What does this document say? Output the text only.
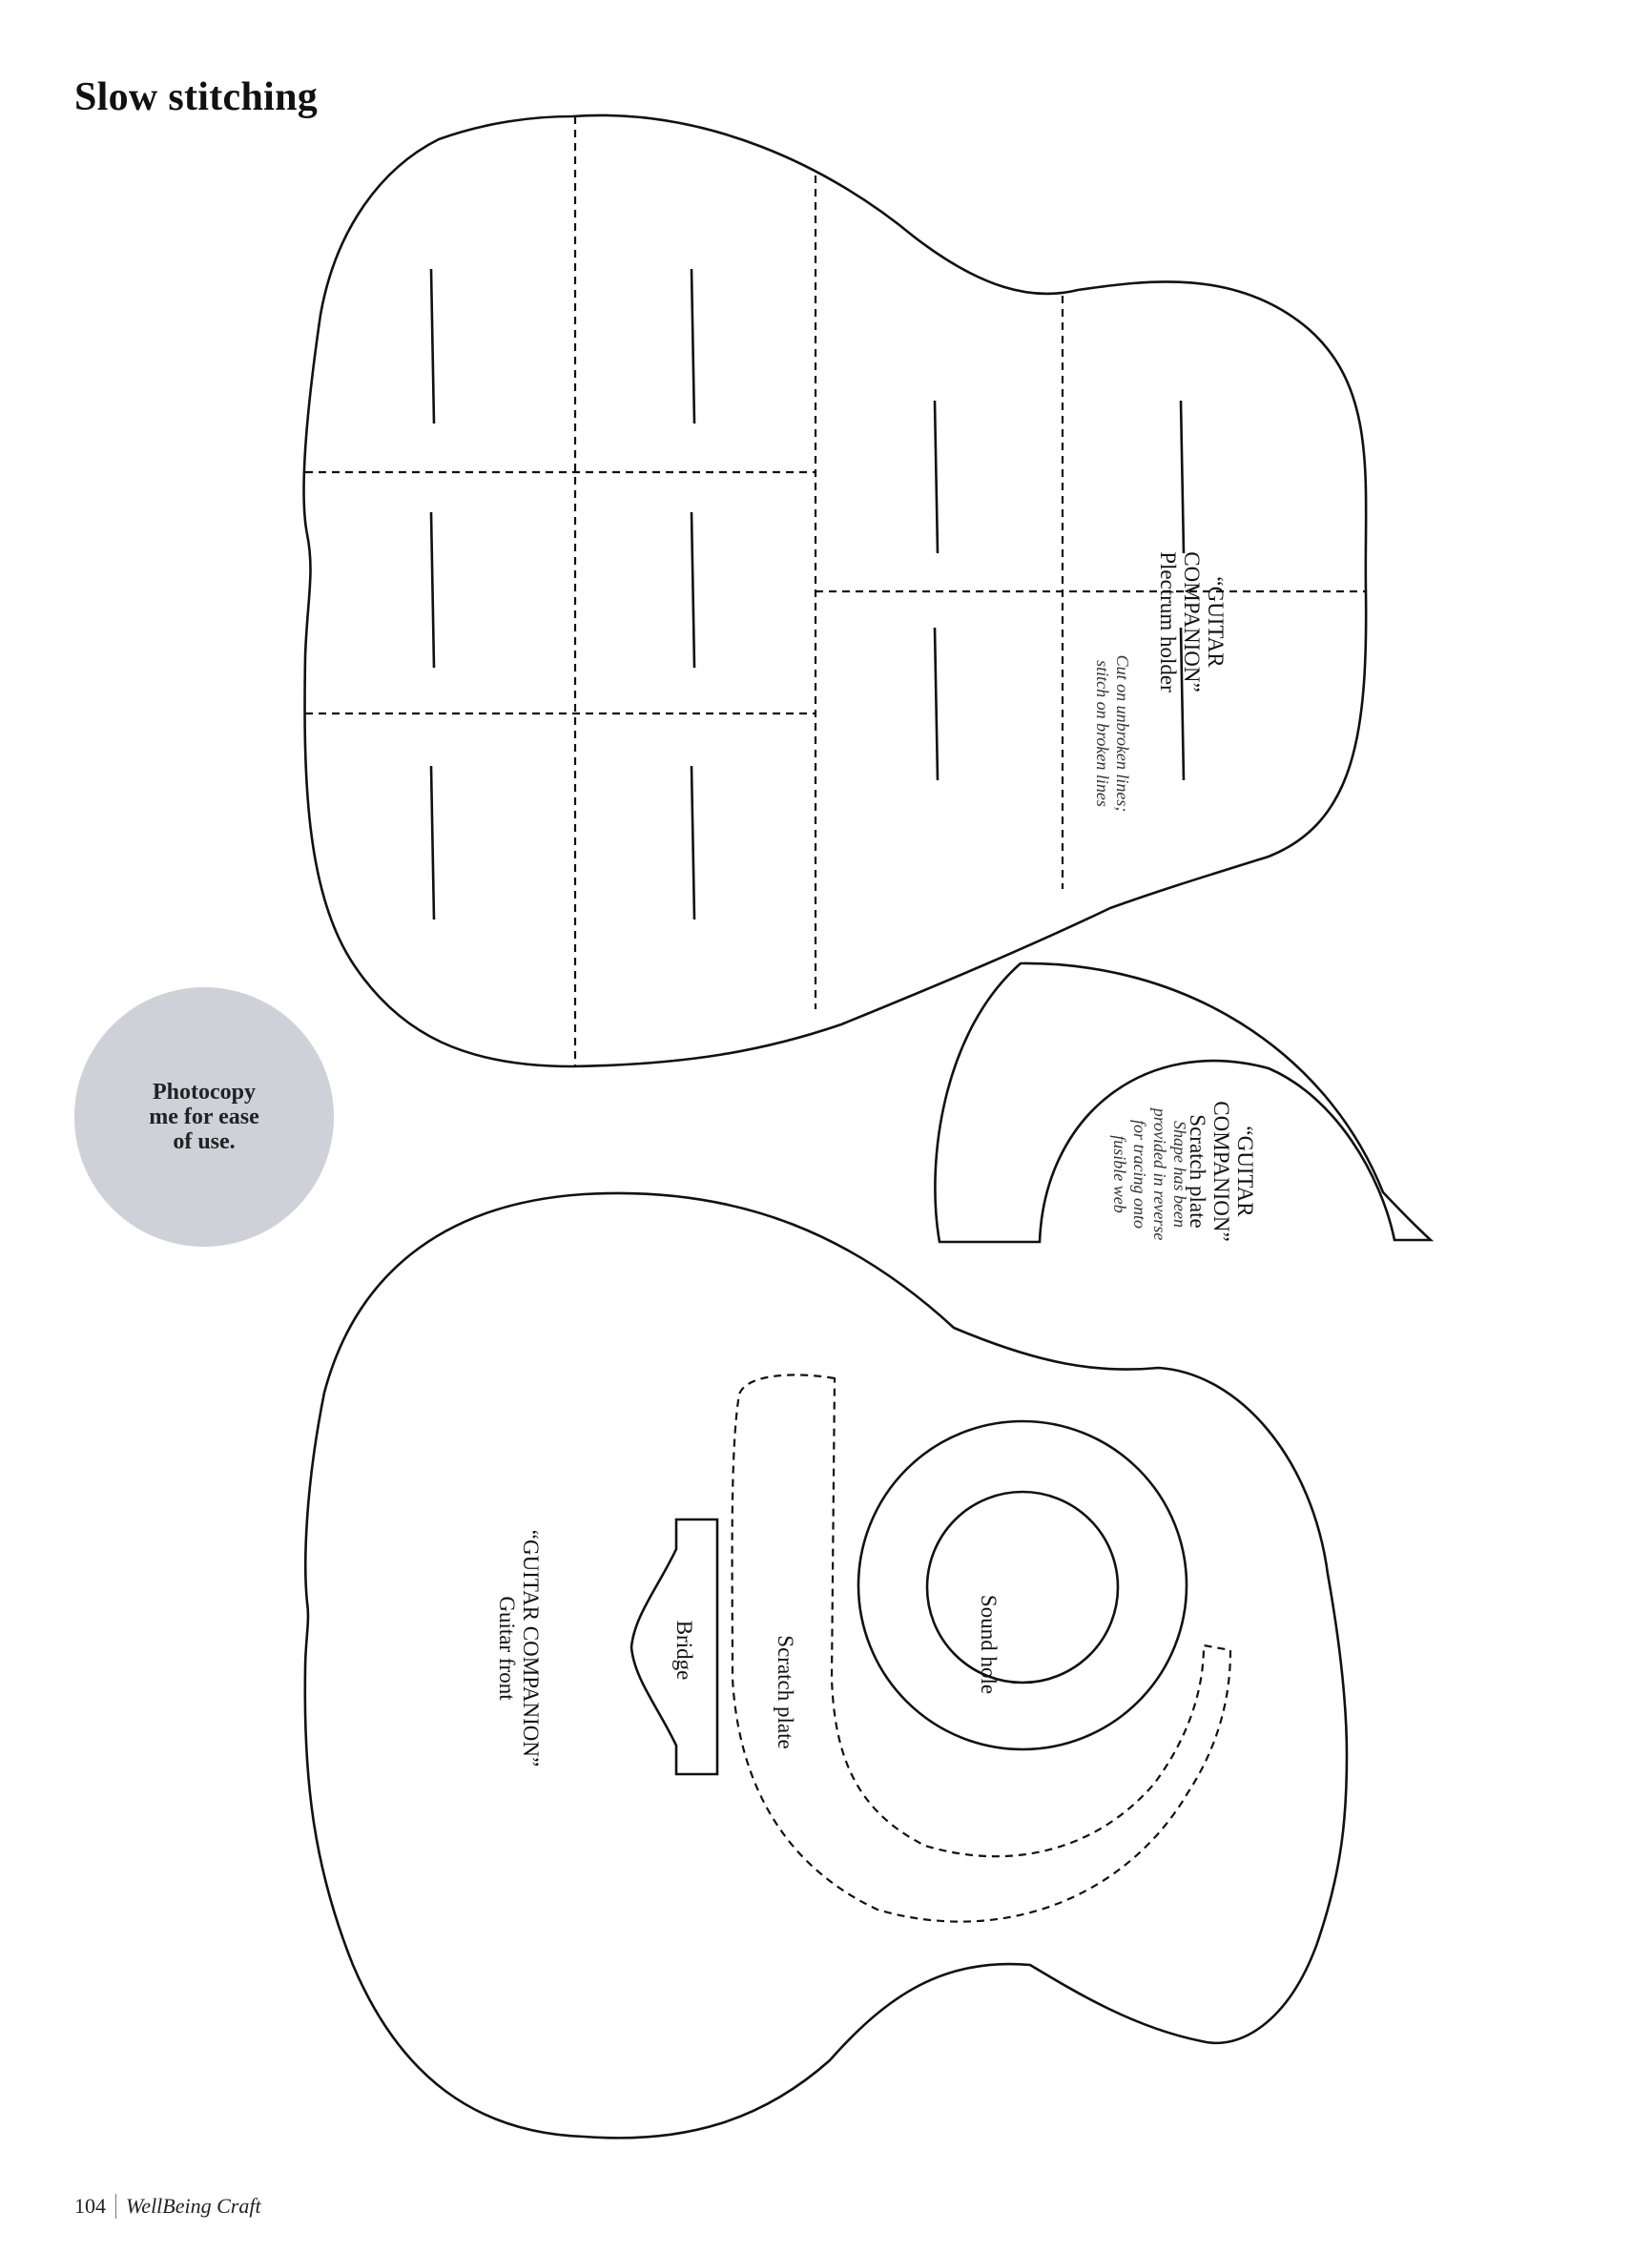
Slow stitching
“GUITAR
COMPANION”
Plectrum holder
Cut on unbroken lines;
stitch on broken lines
“GUITAR
COMPANION”
Scratch plate
Shape has been
provided in reverse
for tracing onto
fusible web
“GUITAR COMPANION”
Guitar front	Bridge	Scratch plate	Sound hole
Photocopy
me for ease
of use.
104 WellBeing Craft
